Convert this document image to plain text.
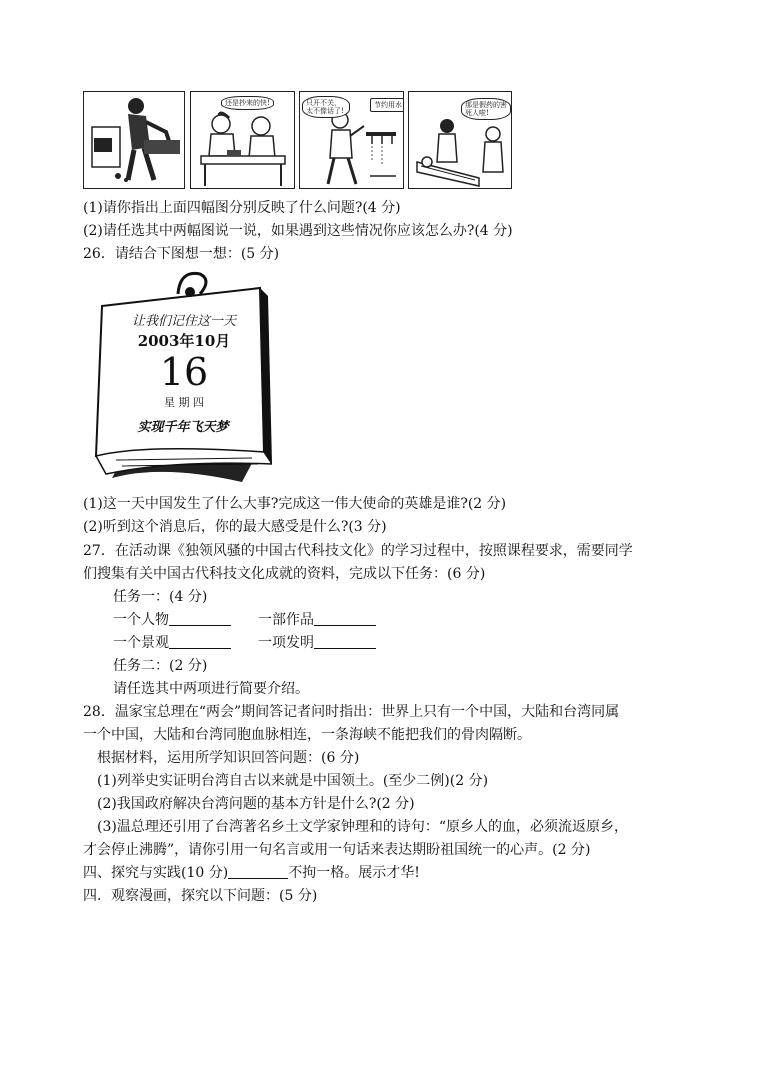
还是抄来的快!	只开不关，太不像话了!
节约用水	那是假药的害死人啦!
(1)请你指出上面四幅图分别反映了什么问题?(4 分)
(2)请任选其中两幅图说一说，如果遇到这些情况你应该怎么办?(4 分)
26．请结合下图想一想：(5 分)
让我们记住这一天
2003年10月
16
星 期 四
实现千年飞天梦
(1)这一天中国发生了什么大事?完成这一伟大使命的英雄是谁?(2 分)
(2)听到这个消息后，你的最大感受是什么?(3 分)
27．在活动课《独领风骚的中国古代科技文化》的学习过程中，按照课程要求，需要同学
们搜集有关中国古代科技文化成就的资料，完成以下任务：(6 分)
任务一：(4 分)
一个人物	一部作品
一个景观	一项发明
任务二：(2 分)
请任选其中两项进行简要介绍。
28．温家宝总理在“两会”期间答记者问时指出：世界上只有一个中国，大陆和台湾同属
一个中国，大陆和台湾同胞血脉相连，一条海峡不能把我们的骨肉隔断。
根据材料，运用所学知识回答问题：(6 分)
(1)列举史实证明台湾自古以来就是中国领土。(至少二例)(2 分)
(2)我国政府解决台湾问题的基本方针是什么?(2 分)
(3)温总理还引用了台湾著名乡土文学家钟理和的诗句：“原乡人的血，必须流返原乡，
才会停止沸腾”，请你引用一句名言或用一句话来表达期盼祖国统一的心声。(2 分)
四、探究与实践(10 分)	不拘一格。展示才华!
四．观察漫画，探究以下问题：(5 分)
